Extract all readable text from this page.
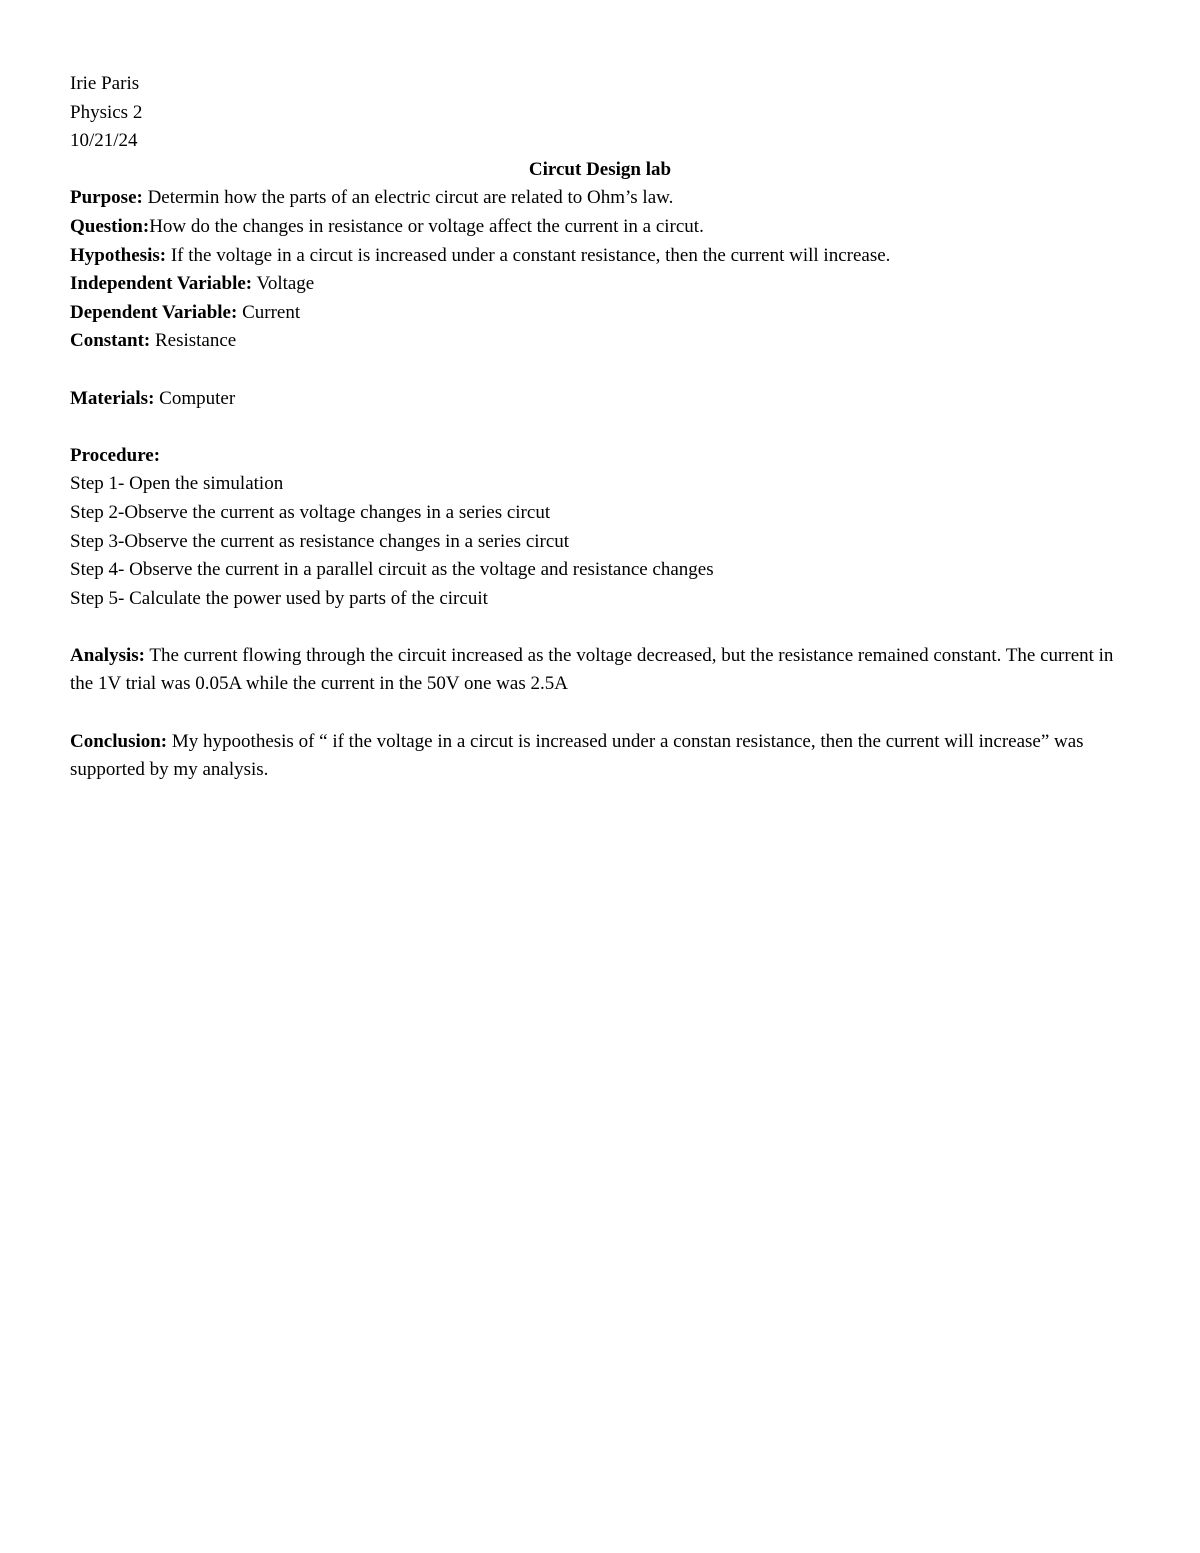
Irie Paris
Physics 2
10/21/24
Circut Design lab
Purpose: Determin how the parts of an electric circut are related to Ohm’s law.
Question:How do the changes in resistance or voltage affect the current in a circut.
Hypothesis: If the voltage in a circut is increased under a constant resistance, then the current will increase.
Independent Variable: Voltage
Dependent Variable: Current
Constant: Resistance
Materials: Computer
Procedure:
Step 1- Open the simulation
Step 2-Observe the current as voltage changes in a series circut
Step 3-Observe the current as resistance changes in a series circut
Step 4- Observe the current in a parallel circuit as the voltage and resistance changes
Step 5- Calculate the power used by parts of the circuit
Analysis: The current flowing through the circuit increased as the voltage decreased, but the resistance remained constant. The current in the 1V trial was 0.05A while the current in the 50V one was 2.5A
Conclusion: My hypoothesis of “ if the voltage in a circut is increased under a constan resistance, then the current will increase” was supported by my analysis.
